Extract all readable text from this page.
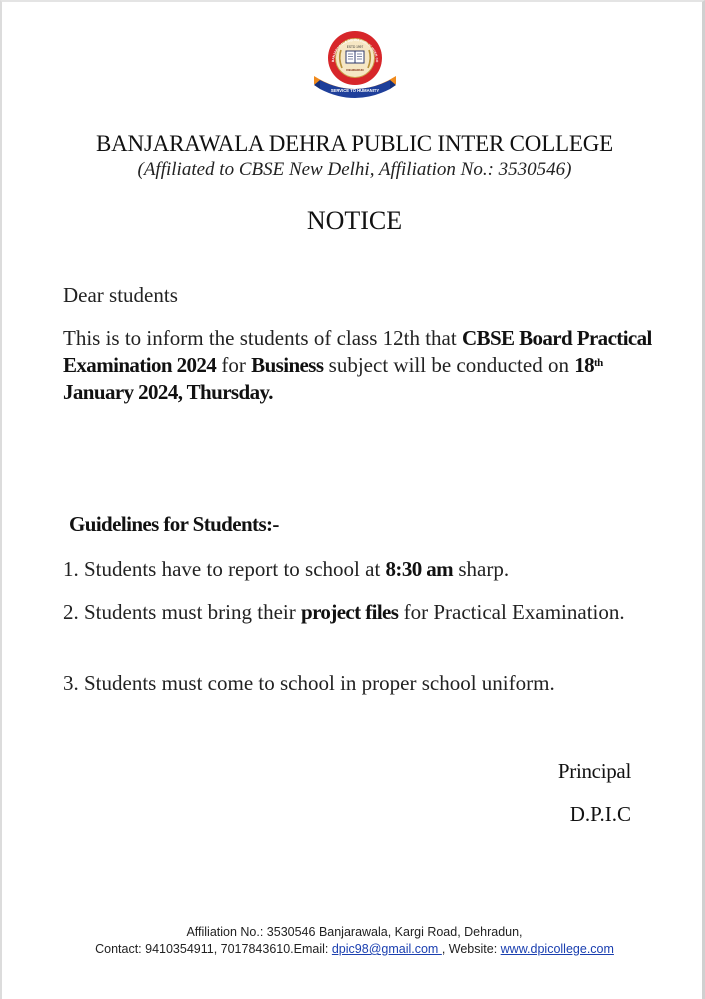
BANJARAWALA DEHRA PUBLIC INTER CO
ESTD 1997
DEHRADUN
SERVICE TO HUMANITY
BANJARAWALA DEHRA PUBLIC INTER COLLEGE
(Affiliated to CBSE New Delhi, Affiliation No.: 3530546)
NOTICE
Dear students
This is to inform the students of class 12th that CBSE Board Practical Examination 2024 for Business subject will be conducted on 18th January 2024, Thursday.
Guidelines for Students:-
1. Students have to report to school at 8:30 am sharp.
2. Students must bring their project files for Practical Examination.
3. Students must come to school in proper school uniform.
Principal
D.P.I.C
Affiliation No.: 3530546 Banjarawala, Kargi Road, Dehradun,
Contact: 9410354911, 7017843610.Email: dpic98@gmail.com , Website: www.dpicollege.com
